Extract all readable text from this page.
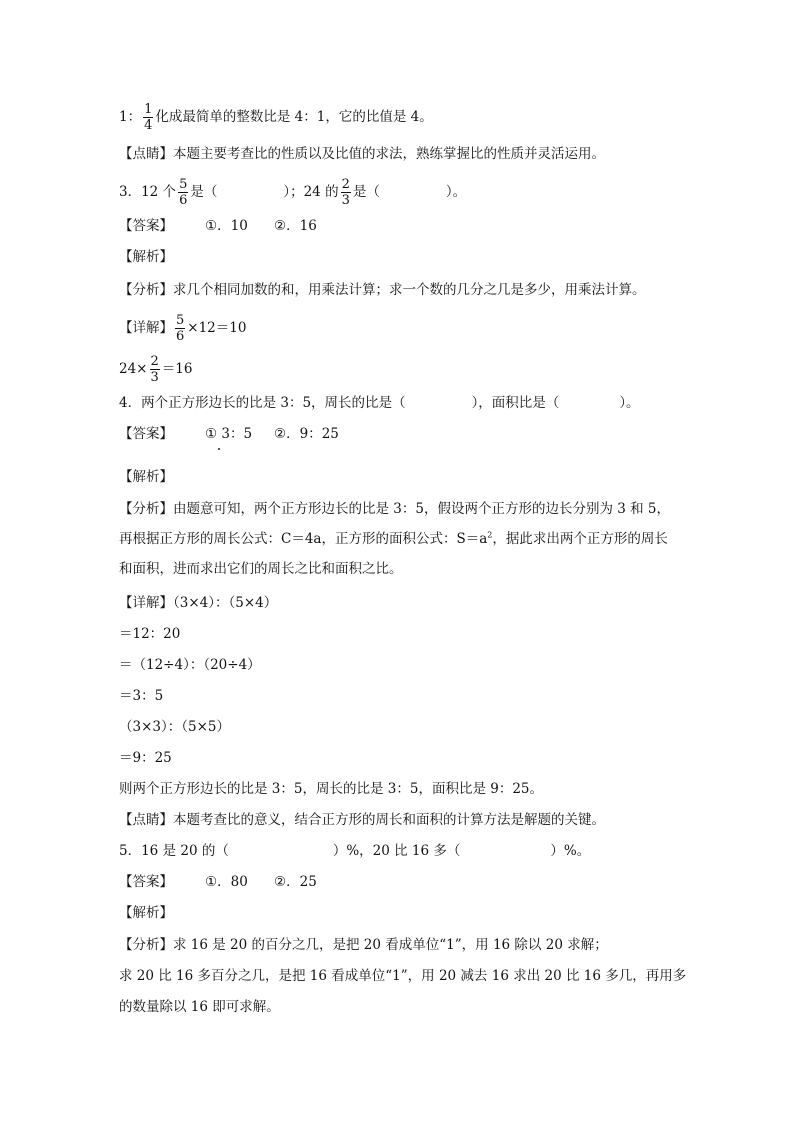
1： $\frac{1}{4}$ 化成最简单的整数比是 4：1，它的比值是 4。
【点睛】本题主要考查比的性质以及比值的求法，熟练掌握比的性质并灵活运用。
3．12 个 $\frac{5}{6}$ 是（	）；24 的 $\frac{2}{3}$ 是（	）。
【答案】 ①．10 ②．16
【解析】
【分析】求几个相同加数的和，用乘法计算；求一个数的几分之几是多少，用乘法计算。
【详解】 $\frac{5}{6} \times 12=10$
$24\times \frac{2}{3} =16$
4．两个正方形边长的比是 3：5，周长的比是（	），面积比是（	）。
【答案】 ① 3：5 ②．9：25
【解析】
【分析】由题意可知，两个正方形边长的比是 3：5，假设两个正方形的边长分别为 3 和 5，
再根据正方形的周长公式：C＝4a，正方形的面积公式：$S=a^2$，据此求出两个正方形的周长
和面积，进而求出它们的周长之比和面积之比。
【详解】（3×4）：（5×4）
＝12：20
＝（12÷4）：（20÷4）
＝3：5
（3×3）：（5×5）
＝9：25
则两个正方形边长的比是 3：5，周长的比是 3：5，面积比是 9：25。
【点睛】本题考查比的意义，结合正方形的周长和面积的计算方法是解题的关键。
5．16 是 20 的（	）%，20 比 16 多（	）%。
【答案】 ①．80 ②．25
【解析】
【分析】求 16 是 20 的百分之几，是把 20 看成单位“1”，用 16 除以 20 求解；
求 20 比 16 多百分之几，是把 16 看成单位“1”，用 20 减去 16 求出 20 比 16 多几，再用多
的数量除以 16 即可求解。
